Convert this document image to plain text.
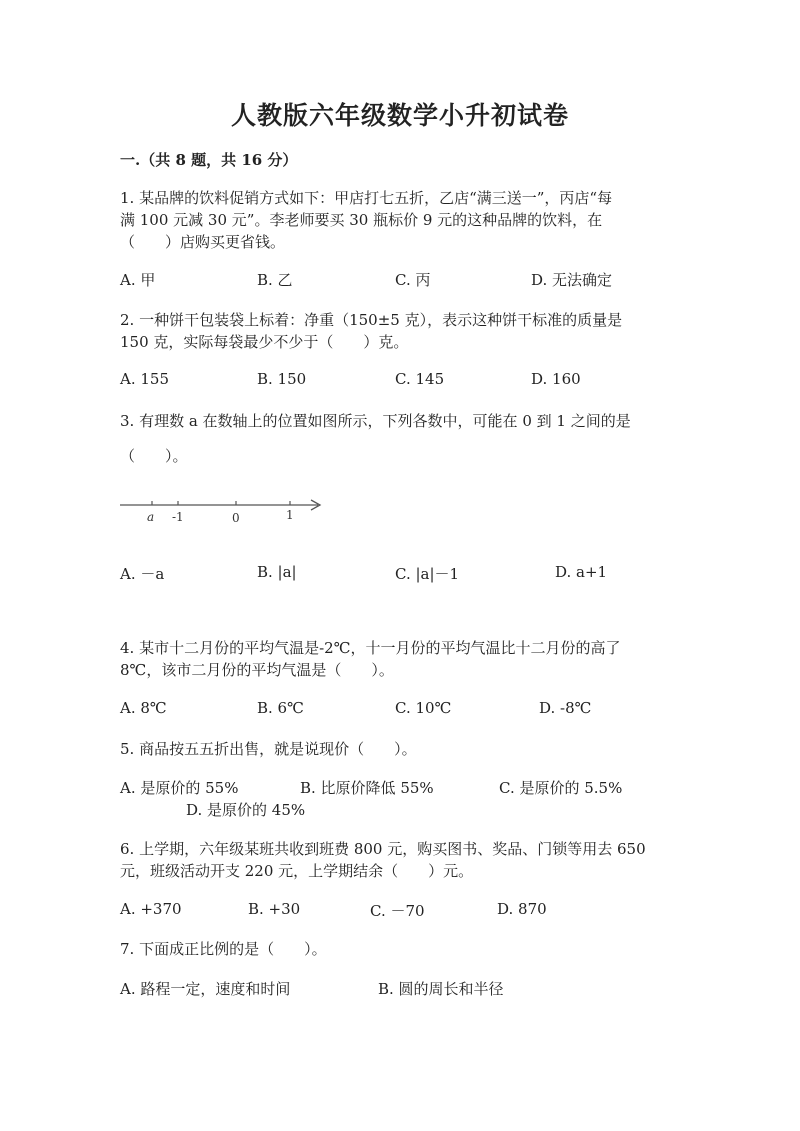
人教版六年级数学小升初试卷
一.（共 8 题，共 16 分）
1. 某品牌的饮料促销方式如下：甲店打七五折，乙店“满三送一”，丙店“每
满 100 元减 30 元”。李老师要买 30 瓶标价 9 元的这种品牌的饮料，在
（　　）店购买更省钱。
A. 甲	B. 乙	C. 丙	D. 无法确定
2. 一种饼干包装袋上标着：净重（150±5 克），表示这种饼干标准的质量是
150 克，实际每袋最少不少于（　　）克。
A. 155	B. 150	C. 145	D. 160
3. 有理数 a 在数轴上的位置如图所示，下列各数中，可能在 0 到 1 之间的是
（　　）。
a -1	0	1
A. －a	B. |a|	C. |a|－1	D. a+1
4. 某市十二月份的平均气温是-2℃，十一月份的平均气温比十二月份的高了
8℃，该市二月份的平均气温是（　　）。
A. 8℃	B. 6℃	C. 10℃	D. -8℃
5. 商品按五五折出售，就是说现价（　　）。
A. 是原价的 55%	B. 比原价降低 55%	C. 是原价的 5.5%
D. 是原价的 45%
6. 上学期，六年级某班共收到班费 800 元，购买图书、奖品、门锁等用去 650
元，班级活动开支 220 元，上学期结余（　　）元。
A. +370	B. +30	C. －70	D. 870
7. 下面成正比例的是（　　）。
A. 路程一定，速度和时间	B. 圆的周长和半径
